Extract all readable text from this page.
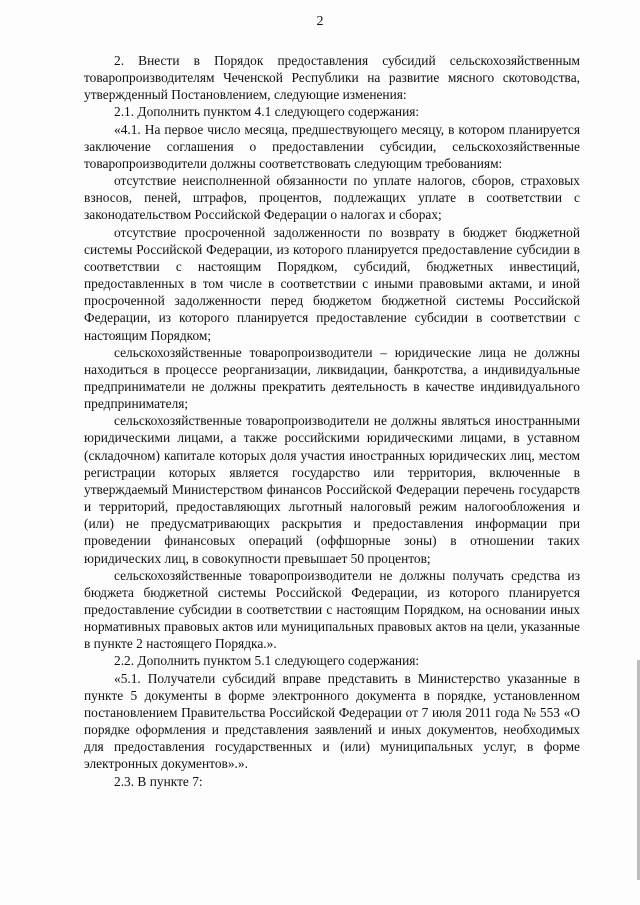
2

2. Внести в Порядок предоставления субсидий сельскохозяйственным товаропроизводителям Чеченской Республики на развитие мясного скотоводства, утвержденный Постановлением, следующие изменения:

2.1. Дополнить пунктом 4.1 следующего содержания:

«4.1. На первое число месяца, предшествующего месяцу, в котором планируется заключение соглашения о предоставлении субсидии, сельскохозяйственные товаропроизводители должны соответствовать следующим требованиям:

отсутствие неисполненной обязанности по уплате налогов, сборов, страховых взносов, пеней, штрафов, процентов, подлежащих уплате в соответствии с законодательством Российской Федерации о налогах и сборах;

отсутствие просроченной задолженности по возврату в бюджет бюджетной системы Российской Федерации, из которого планируется предоставление субсидии в соответствии с настоящим Порядком, субсидий, бюджетных инвестиций, предоставленных в том числе в соответствии с иными правовыми актами, и иной просроченной задолженности перед бюджетом бюджетной системы Российской Федерации, из которого планируется предоставление субсидии в соответствии с настоящим Порядком;

сельскохозяйственные товаропроизводители – юридические лица не должны находиться в процессе реорганизации, ликвидации, банкротства, а индивидуальные предприниматели не должны прекратить деятельность в качестве индивидуального предпринимателя;

сельскохозяйственные товаропроизводители не должны являться иностранными юридическими лицами, а также российскими юридическими лицами, в уставном (складочном) капитале которых доля участия иностранных юридических лиц, местом регистрации которых является государство или территория, включенные в утверждаемый Министерством финансов Российской Федерации перечень государств и территорий, предоставляющих льготный налоговый режим налогообложения и (или) не предусматривающих раскрытия и предоставления информации при проведении финансовых операций (оффшорные зоны) в отношении таких юридических лиц, в совокупности превышает 50 процентов;

сельскохозяйственные товаропроизводители не должны получать средства из бюджета бюджетной системы Российской Федерации, из которого планируется предоставление субсидии в соответствии с настоящим Порядком, на основании иных нормативных правовых актов или муниципальных правовых актов на цели, указанные в пункте 2 настоящего Порядка.».

2.2. Дополнить пунктом 5.1 следующего содержания:

«5.1. Получатели субсидий вправе представить в Министерство указанные в пункте 5 документы в форме электронного документа в порядке, установленном постановлением Правительства Российской Федерации от 7 июля 2011 года № 553 «О порядке оформления и представления заявлений и иных документов, необходимых для предоставления государственных и (или) муниципальных услуг, в форме электронных документов».».

2.3. В пункте 7:
